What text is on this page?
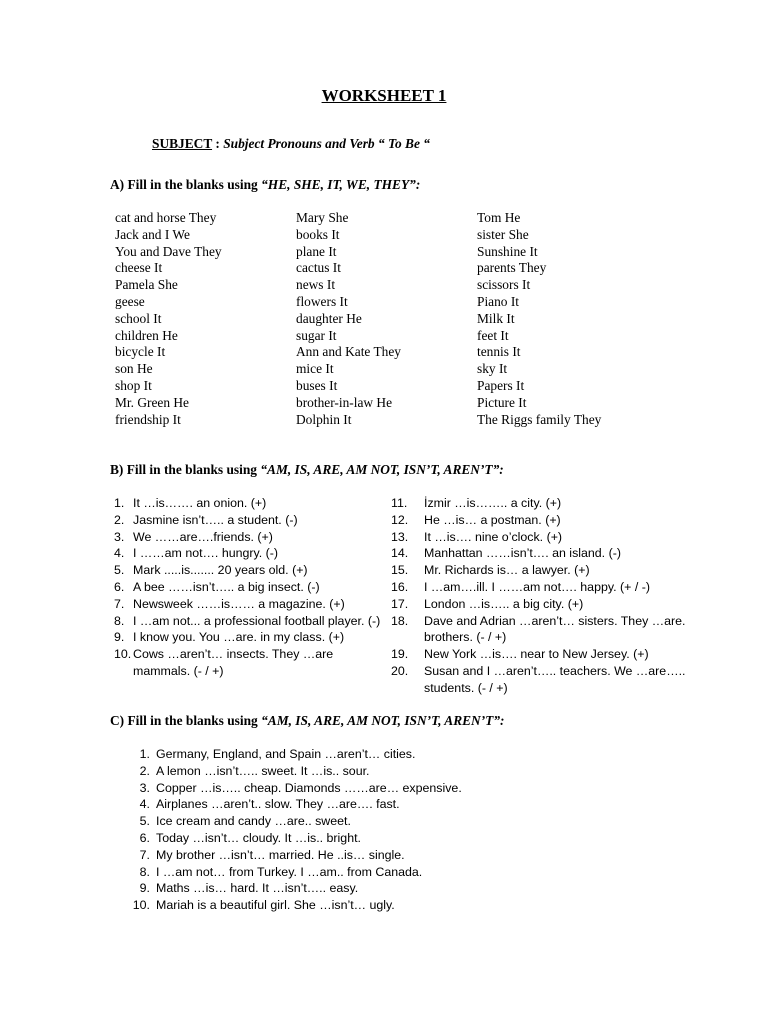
WORKSHEET 1
SUBJECT : Subject Pronouns and Verb “ To Be “
A) Fill in the blanks using “HE, SHE, IT, WE, THEY”:
cat and horse They
Jack and I We
You and Dave They
cheese It
Pamela She
geese
school It
children He
bicycle It
son He
shop It
Mr. Green He
friendship It
Mary She
books It
plane It
cactus It
news It
flowers It
daughter He
sugar It
Ann and Kate They
mice It
buses It
brother-in-law He
Dolphin It
Tom He
sister She
Sunshine It
parents They
scissors It
Piano It
Milk It
feet It
tennis It
sky It
Papers It
Picture It
The Riggs family They
B) Fill in the blanks using “AM, IS, ARE, AM NOT, ISN’T, AREN’T”:
1. It …is……. an onion. (+)
2. Jasmine isn’t….. a student. (-)
3. We ……are….friends. (+)
4. I ……am not…. hungry. (-)
5. Mark .....is....... 20 years old. (+)
6. A bee ……isn’t….. a big insect. (-)
7. Newsweek ……is…… a magazine. (+)
8. I …am not... a professional football player. (-)
9. I know you. You …are. in my class. (+)
10. Cows …aren’t… insects. They …are mammals. (- / +)
11. İzmir …is…….. a city. (+)
12. He …is… a postman. (+)
13. It …is…. nine o’clock. (+)
14. Manhattan ……isn’t…. an island. (-)
15. Mr. Richards is… a lawyer. (+)
16. I …am….ill. I ……am not…. happy. (+ / -)
17. London …is….. a big city. (+)
18. Dave and Adrian …aren’t… sisters. They …are. brothers. (- / +)
19. New York …is…. near to New Jersey. (+)
20. Susan and I …aren’t….. teachers. We …are….. students. (- / +)
C) Fill in the blanks using “AM, IS, ARE, AM NOT, ISN’T, AREN’T”:
1. Germany, England, and Spain …aren’t… cities.
2. A lemon …isn’t….. sweet. It …is.. sour.
3. Copper …is….. cheap. Diamonds ……are… expensive.
4. Airplanes …aren’t.. slow. They …are…. fast.
5. Ice cream and candy …are.. sweet.
6. Today …isn’t… cloudy. It …is.. bright.
7. My brother …isn’t… married. He ..is… single.
8. I …am not… from Turkey. I …am.. from Canada.
9. Maths …is… hard. It …isn’t….. easy.
10. Mariah is a beautiful girl. She …isn’t… ugly.
